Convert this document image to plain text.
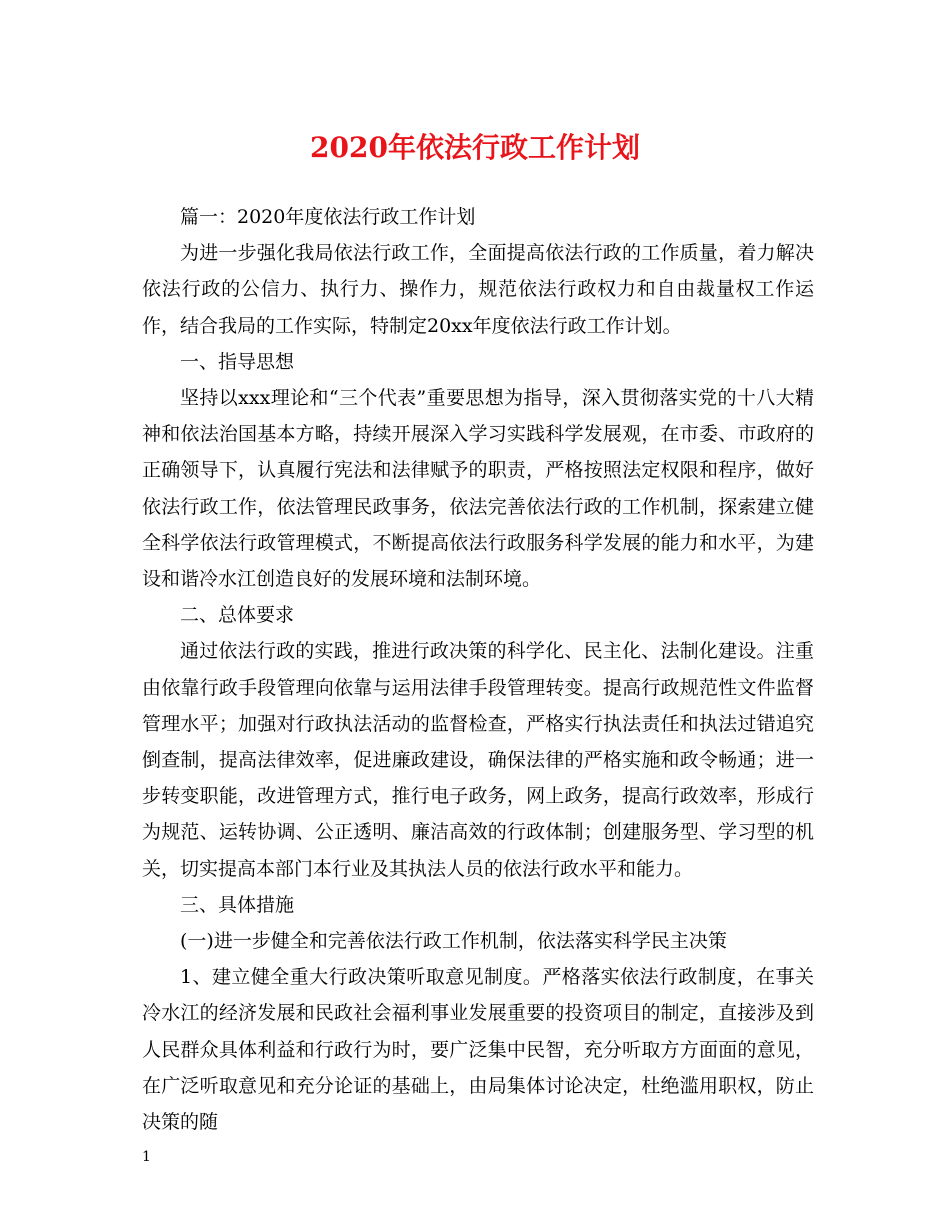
2020年依法行政工作计划

篇一：2020年度依法行政工作计划

为进一步强化我局依法行政工作，全面提高依法行政的工作质量，着力解决依法行政的公信力、执行力、操作力，规范依法行政权力和自由裁量权工作运作，结合我局的工作实际，特制定20xx年度依法行政工作计划。

一、指导思想

坚持以xxx理论和“三个代表”重要思想为指导，深入贯彻落实党的十八大精神和依法治国基本方略，持续开展深入学习实践科学发展观，在市委、市政府的正确领导下，认真履行宪法和法律赋予的职责，严格按照法定权限和程序，做好依法行政工作，依法管理民政事务，依法完善依法行政的工作机制，探索建立健全科学依法行政管理模式，不断提高依法行政服务科学发展的能力和水平，为建设和谐冷水江创造良好的发展环境和法制环境。

二、总体要求

通过依法行政的实践，推进行政决策的科学化、民主化、法制化建设。注重由依靠行政手段管理向依靠与运用法律手段管理转变。提高行政规范性文件监督管理水平；加强对行政执法活动的监督检查，严格实行执法责任和执法过错追究倒查制，提高法律效率，促进廉政建设，确保法律的严格实施和政令畅通；进一步转变职能，改进管理方式，推行电子政务，网上政务，提高行政效率，形成行为规范、运转协调、公正透明、廉洁高效的行政体制；创建服务型、学习型的机关，切实提高本部门本行业及其执法人员的依法行政水平和能力。

三、具体措施

(一)进一步健全和完善依法行政工作机制，依法落实科学民主决策

1、建立健全重大行政决策听取意见制度。严格落实依法行政制度，在事关冷水江的经济发展和民政社会福利事业发展重要的投资项目的制定，直接涉及到人民群众具体利益和行政行为时，要广泛集中民智，充分听取方方面面的意见，在广泛听取意见和充分论证的基础上，由局集体讨论决定，杜绝滥用职权，防止决策的随

1
